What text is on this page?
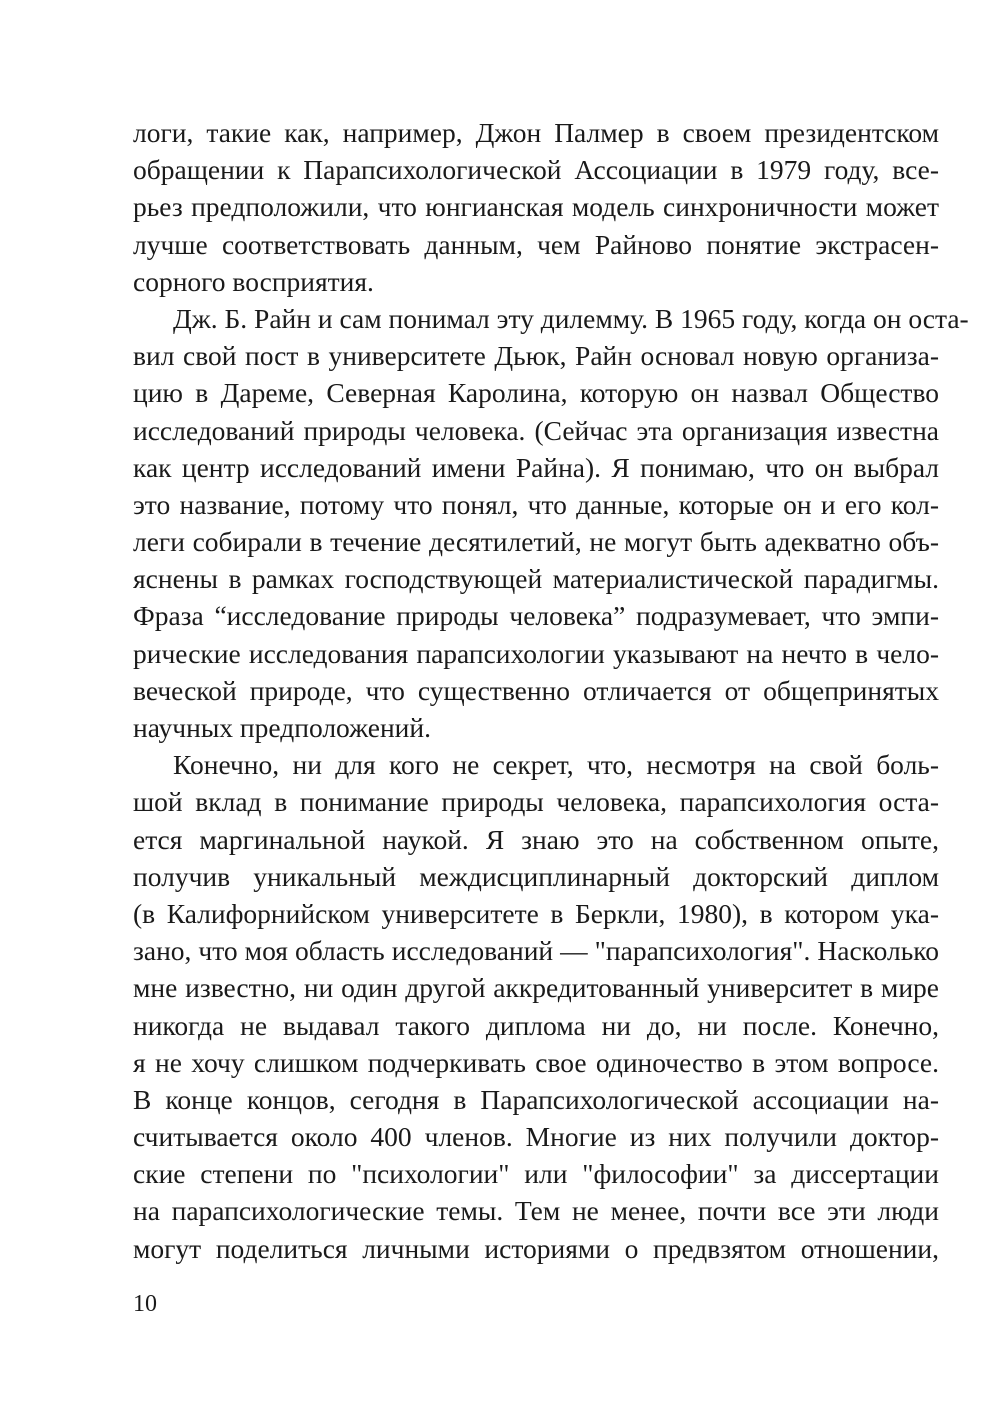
логи, такие как, например, Джон Палмер в своем президентском
обращении к Парапсихологической Ассоциации в 1979 году, все-
рьез предположили, что юнгианская модель синхроничности может
лучше соответствовать данным, чем Райново понятие экстрасен-
сорного восприятия.
Дж. Б. Райн и сам понимал эту дилемму. В 1965 году, когда он оста-
вил свой пост в университете Дьюк, Райн основал новую организа-
цию в Дареме, Северная Каролина, которую он назвал Общество
исследований природы человека. (Сейчас эта организация известна
как центр исследований имени Райна). Я понимаю, что он выбрал
это название, потому что понял, что данные, которые он и его кол-
леги собирали в течение десятилетий, не могут быть адекватно объ-
яснены в рамках господствующей материалистической парадигмы.
Фраза “исследование природы человека” подразумевает, что эмпи-
рические исследования парапсихологии указывают на нечто в чело-
веческой природе, что существенно отличается от общепринятых
научных предположений.
Конечно, ни для кого не секрет, что, несмотря на свой боль-
шой вклад в понимание природы человека, парапсихология оста-
ется маргинальной наукой. Я знаю это на собственном опыте,
получив уникальный междисциплинарный докторский диплом
(в Калифорнийском университете в Беркли, 1980), в котором ука-
зано, что моя область исследований — "парапсихология". Насколько
мне известно, ни один другой аккредитованный университет в мире
никогда не выдавал такого диплома ни до, ни после. Конечно,
я не хочу слишком подчеркивать свое одиночество в этом вопросе.
В конце концов, сегодня в Парапсихологической ассоциации на-
считывается около 400 членов. Многие из них получили доктор-
ские степени по "психологии" или "философии" за диссертации
на парапсихологические темы. Тем не менее, почти все эти люди
могут поделиться личными историями о предвзятом отношении,
10
